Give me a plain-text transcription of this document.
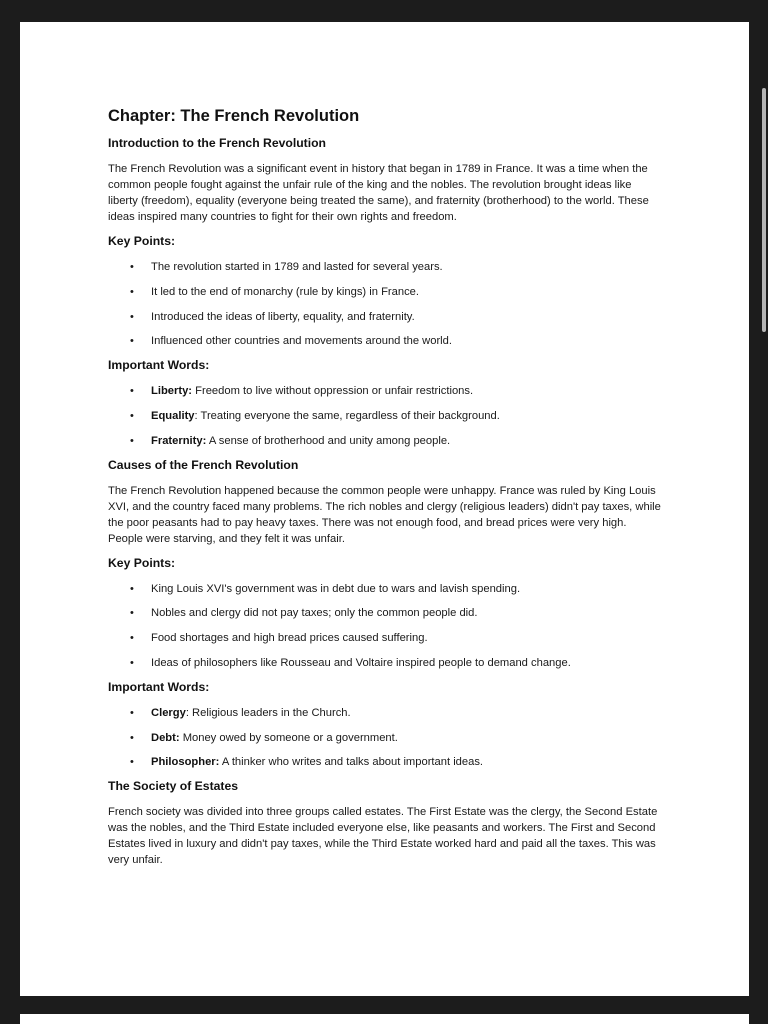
Chapter: The French Revolution
Introduction to the French Revolution

The French Revolution was a significant event in history that began in 1789 in France. It was a time when the common people fought against the unfair rule of the king and the nobles. The revolution brought ideas like liberty (freedom), equality (everyone being treated the same), and fraternity (brotherhood) to the world. These ideas inspired many countries to fight for their own rights and freedom.

Key Points:
• The revolution started in 1789 and lasted for several years.
• It led to the end of monarchy (rule by kings) in France.
• Introduced the ideas of liberty, equality, and fraternity.
• Influenced other countries and movements around the world.
Important Words:
• Liberty: Freedom to live without oppression or unfair restrictions.
• Equality: Treating everyone the same, regardless of their background.
• Fraternity: A sense of brotherhood and unity among people.
Causes of the French Revolution

The French Revolution happened because the common people were unhappy. France was ruled by King Louis XVI, and the country faced many problems. The rich nobles and clergy (religious leaders) didn't pay taxes, while the poor peasants had to pay heavy taxes. There was not enough food, and bread prices were very high. People were starving, and they felt it was unfair.

Key Points:
• King Louis XVI's government was in debt due to wars and lavish spending.
• Nobles and clergy did not pay taxes; only the common people did.
• Food shortages and high bread prices caused suffering.
• Ideas of philosophers like Rousseau and Voltaire inspired people to demand change.
Important Words:
• Clergy: Religious leaders in the Church.
• Debt: Money owed by someone or a government.
• Philosopher: A thinker who writes and talks about important ideas.
The Society of Estates

French society was divided into three groups called estates. The First Estate was the clergy, the Second Estate was the nobles, and the Third Estate included everyone else, like peasants and workers. The First and Second Estates lived in luxury and didn't pay taxes, while the Third Estate worked hard and paid all the taxes. This was very unfair.
